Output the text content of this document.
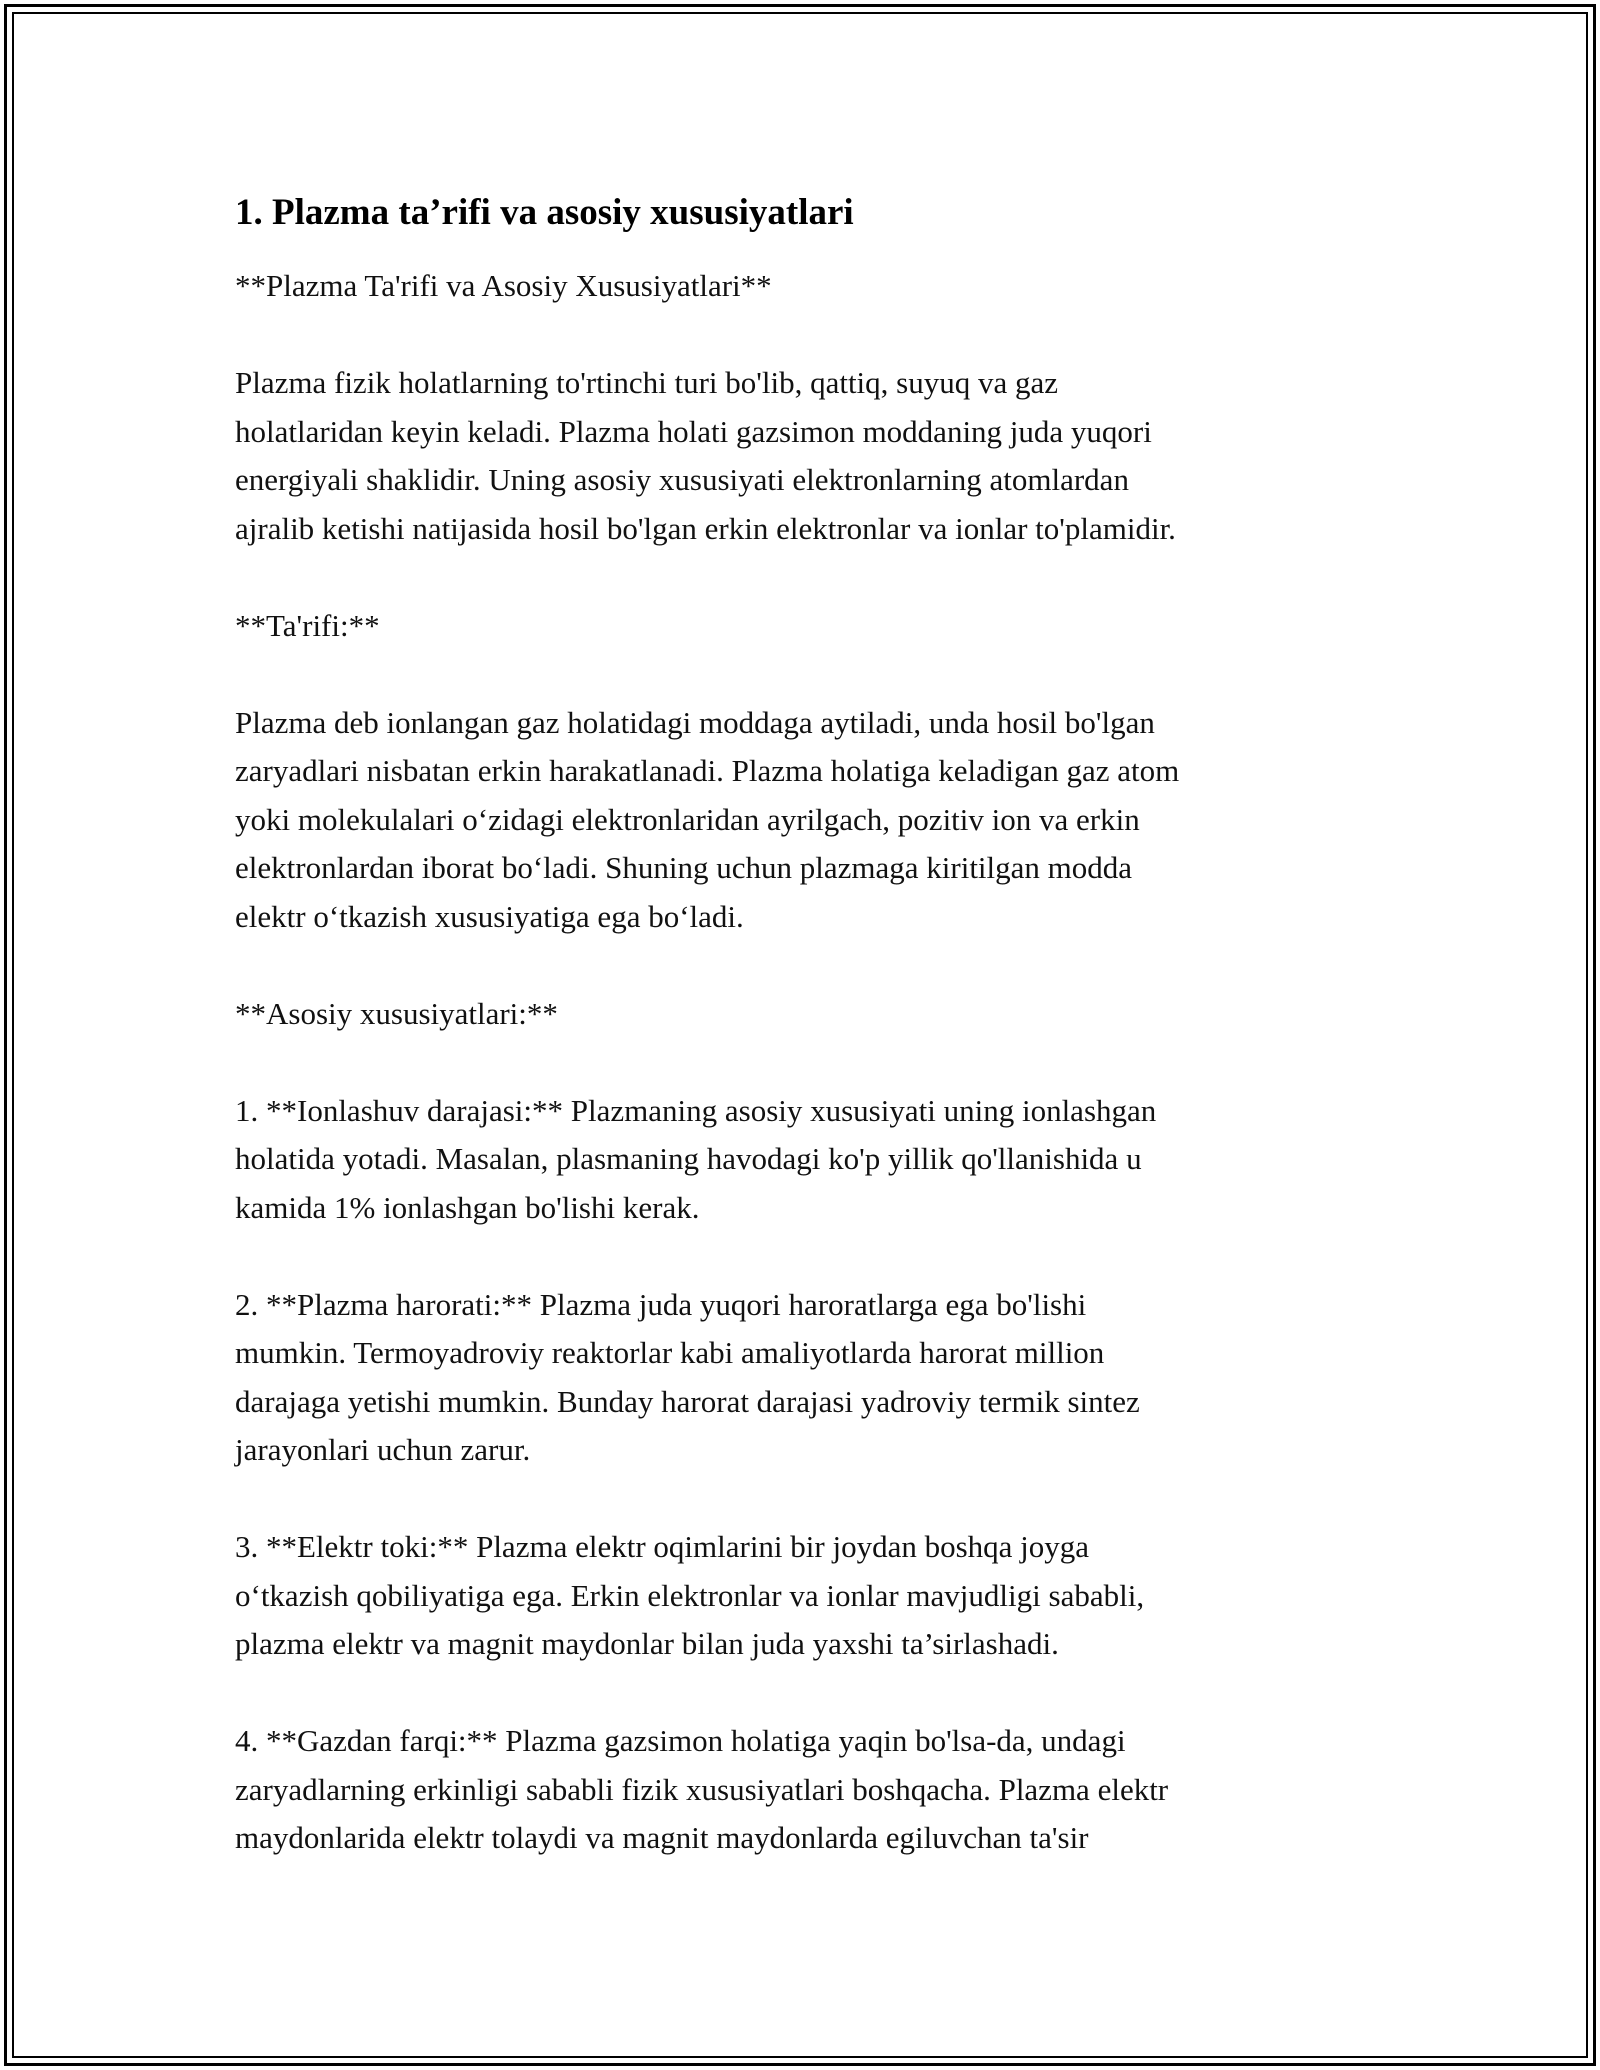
1. Plazma ta’rifi va asosiy xususiyatlari

**Plazma Ta'rifi va Asosiy Xususiyatlari**

Plazma fizik holatlarning to'rtinchi turi bo'lib, qattiq, suyuq va gaz
holatlaridan keyin keladi. Plazma holati gazsimon moddaning juda yuqori
energiyali shaklidir. Uning asosiy xususiyati elektronlarning atomlardan
ajralib ketishi natijasida hosil bo'lgan erkin elektronlar va ionlar to'plamidir.

**Ta'rifi:**

Plazma deb ionlangan gaz holatidagi moddaga aytiladi, unda hosil bo'lgan
zaryadlari nisbatan erkin harakatlanadi. Plazma holatiga keladigan gaz atom
yoki molekulalari o‘zidagi elektronlaridan ayrilgach, pozitiv ion va erkin
elektronlardan iborat bo‘ladi. Shuning uchun plazmaga kiritilgan modda
elektr o‘tkazish xususiyatiga ega bo‘ladi.

**Asosiy xususiyatlari:**

1. **Ionlashuv darajasi:** Plazmaning asosiy xususiyati uning ionlashgan
holatida yotadi. Masalan, plasmaning havodagi ko'p yillik qo'llanishida u
kamida 1% ionlashgan bo'lishi kerak.

2. **Plazma harorati:** Plazma juda yuqori haroratlarga ega bo'lishi
mumkin. Termoyadroviy reaktorlar kabi amaliyotlarda harorat million
darajaga yetishi mumkin. Bunday harorat darajasi yadroviy termik sintez
jarayonlari uchun zarur.

3. **Elektr toki:** Plazma elektr oqimlarini bir joydan boshqa joyga
o‘tkazish qobiliyatiga ega. Erkin elektronlar va ionlar mavjudligi sababli,
plazma elektr va magnit maydonlar bilan juda yaxshi ta’sirlashadi.

4. **Gazdan farqi:** Plazma gazsimon holatiga yaqin bo'lsa-da, undagi
zaryadlarning erkinligi sababli fizik xususiyatlari boshqacha. Plazma elektr
maydonlarida elektr tolaydi va magnit maydonlarda egiluvchan ta'sir
